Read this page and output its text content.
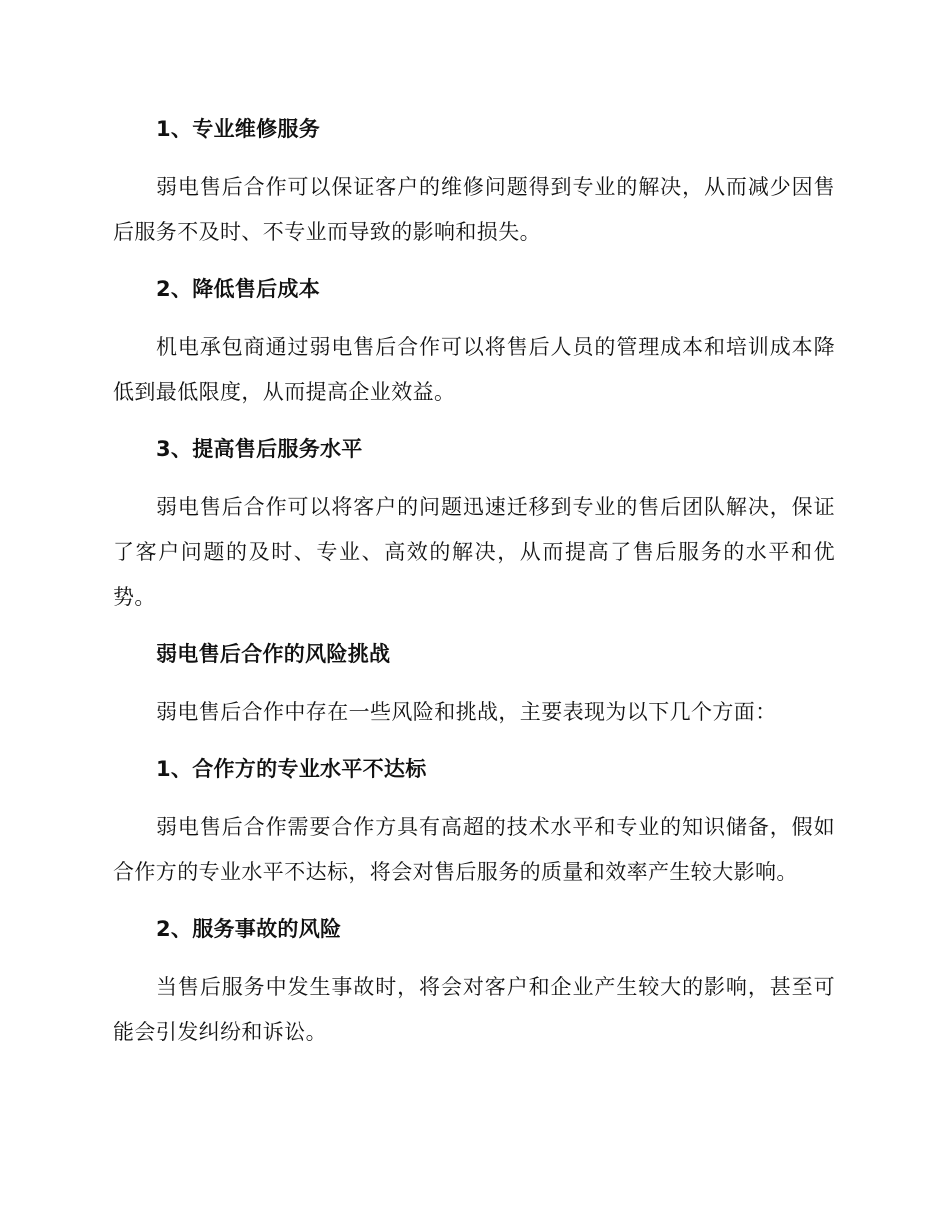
1、专业维修服务
弱电售后合作可以保证客户的维修问题得到专业的解决，从而减少因售后服务不及时、不专业而导致的影响和损失。
2、降低售后成本
机电承包商通过弱电售后合作可以将售后人员的管理成本和培训成本降低到最低限度，从而提高企业效益。
3、提高售后服务水平
弱电售后合作可以将客户的问题迅速迁移到专业的售后团队解决，保证了客户问题的及时、专业、高效的解决，从而提高了售后服务的水平和优势。
弱电售后合作的风险挑战
弱电售后合作中存在一些风险和挑战，主要表现为以下几个方面：
1、合作方的专业水平不达标
弱电售后合作需要合作方具有高超的技术水平和专业的知识储备，假如合作方的专业水平不达标，将会对售后服务的质量和效率产生较大影响。
2、服务事故的风险
当售后服务中发生事故时，将会对客户和企业产生较大的影响，甚至可能会引发纠纷和诉讼。
